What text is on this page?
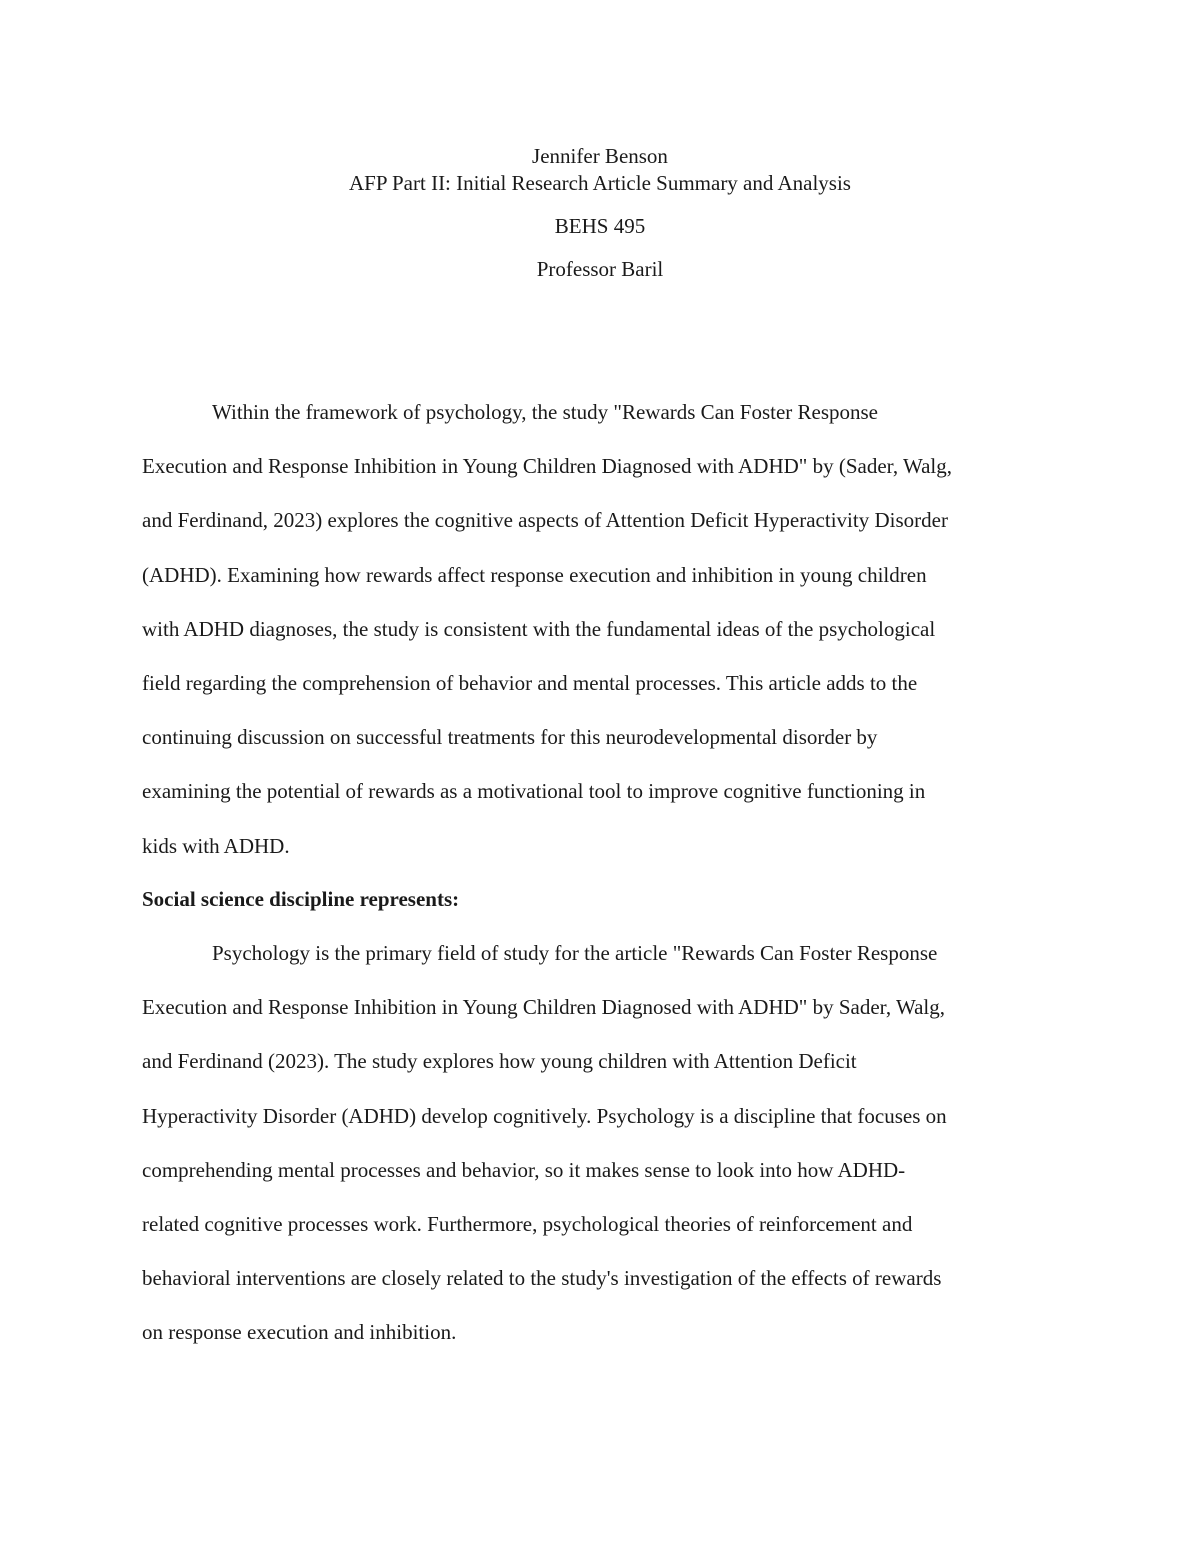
Jennifer Benson
AFP Part II: Initial Research Article Summary and Analysis
BEHS 495
Professor Baril

Within the framework of psychology, the study "Rewards Can Foster Response
Execution and Response Inhibition in Young Children Diagnosed with ADHD" by (Sader, Walg,
and Ferdinand, 2023) explores the cognitive aspects of Attention Deficit Hyperactivity Disorder
(ADHD). Examining how rewards affect response execution and inhibition in young children
with ADHD diagnoses, the study is consistent with the fundamental ideas of the psychological
field regarding the comprehension of behavior and mental processes. This article adds to the
continuing discussion on successful treatments for this neurodevelopmental disorder by
examining the potential of rewards as a motivational tool to improve cognitive functioning in
kids with ADHD.

Social science discipline represents:

Psychology is the primary field of study for the article "Rewards Can Foster Response
Execution and Response Inhibition in Young Children Diagnosed with ADHD" by Sader, Walg,
and Ferdinand (2023). The study explores how young children with Attention Deficit
Hyperactivity Disorder (ADHD) develop cognitively. Psychology is a discipline that focuses on
comprehending mental processes and behavior, so it makes sense to look into how ADHD-
related cognitive processes work. Furthermore, psychological theories of reinforcement and
behavioral interventions are closely related to the study's investigation of the effects of rewards
on response execution and inhibition.
